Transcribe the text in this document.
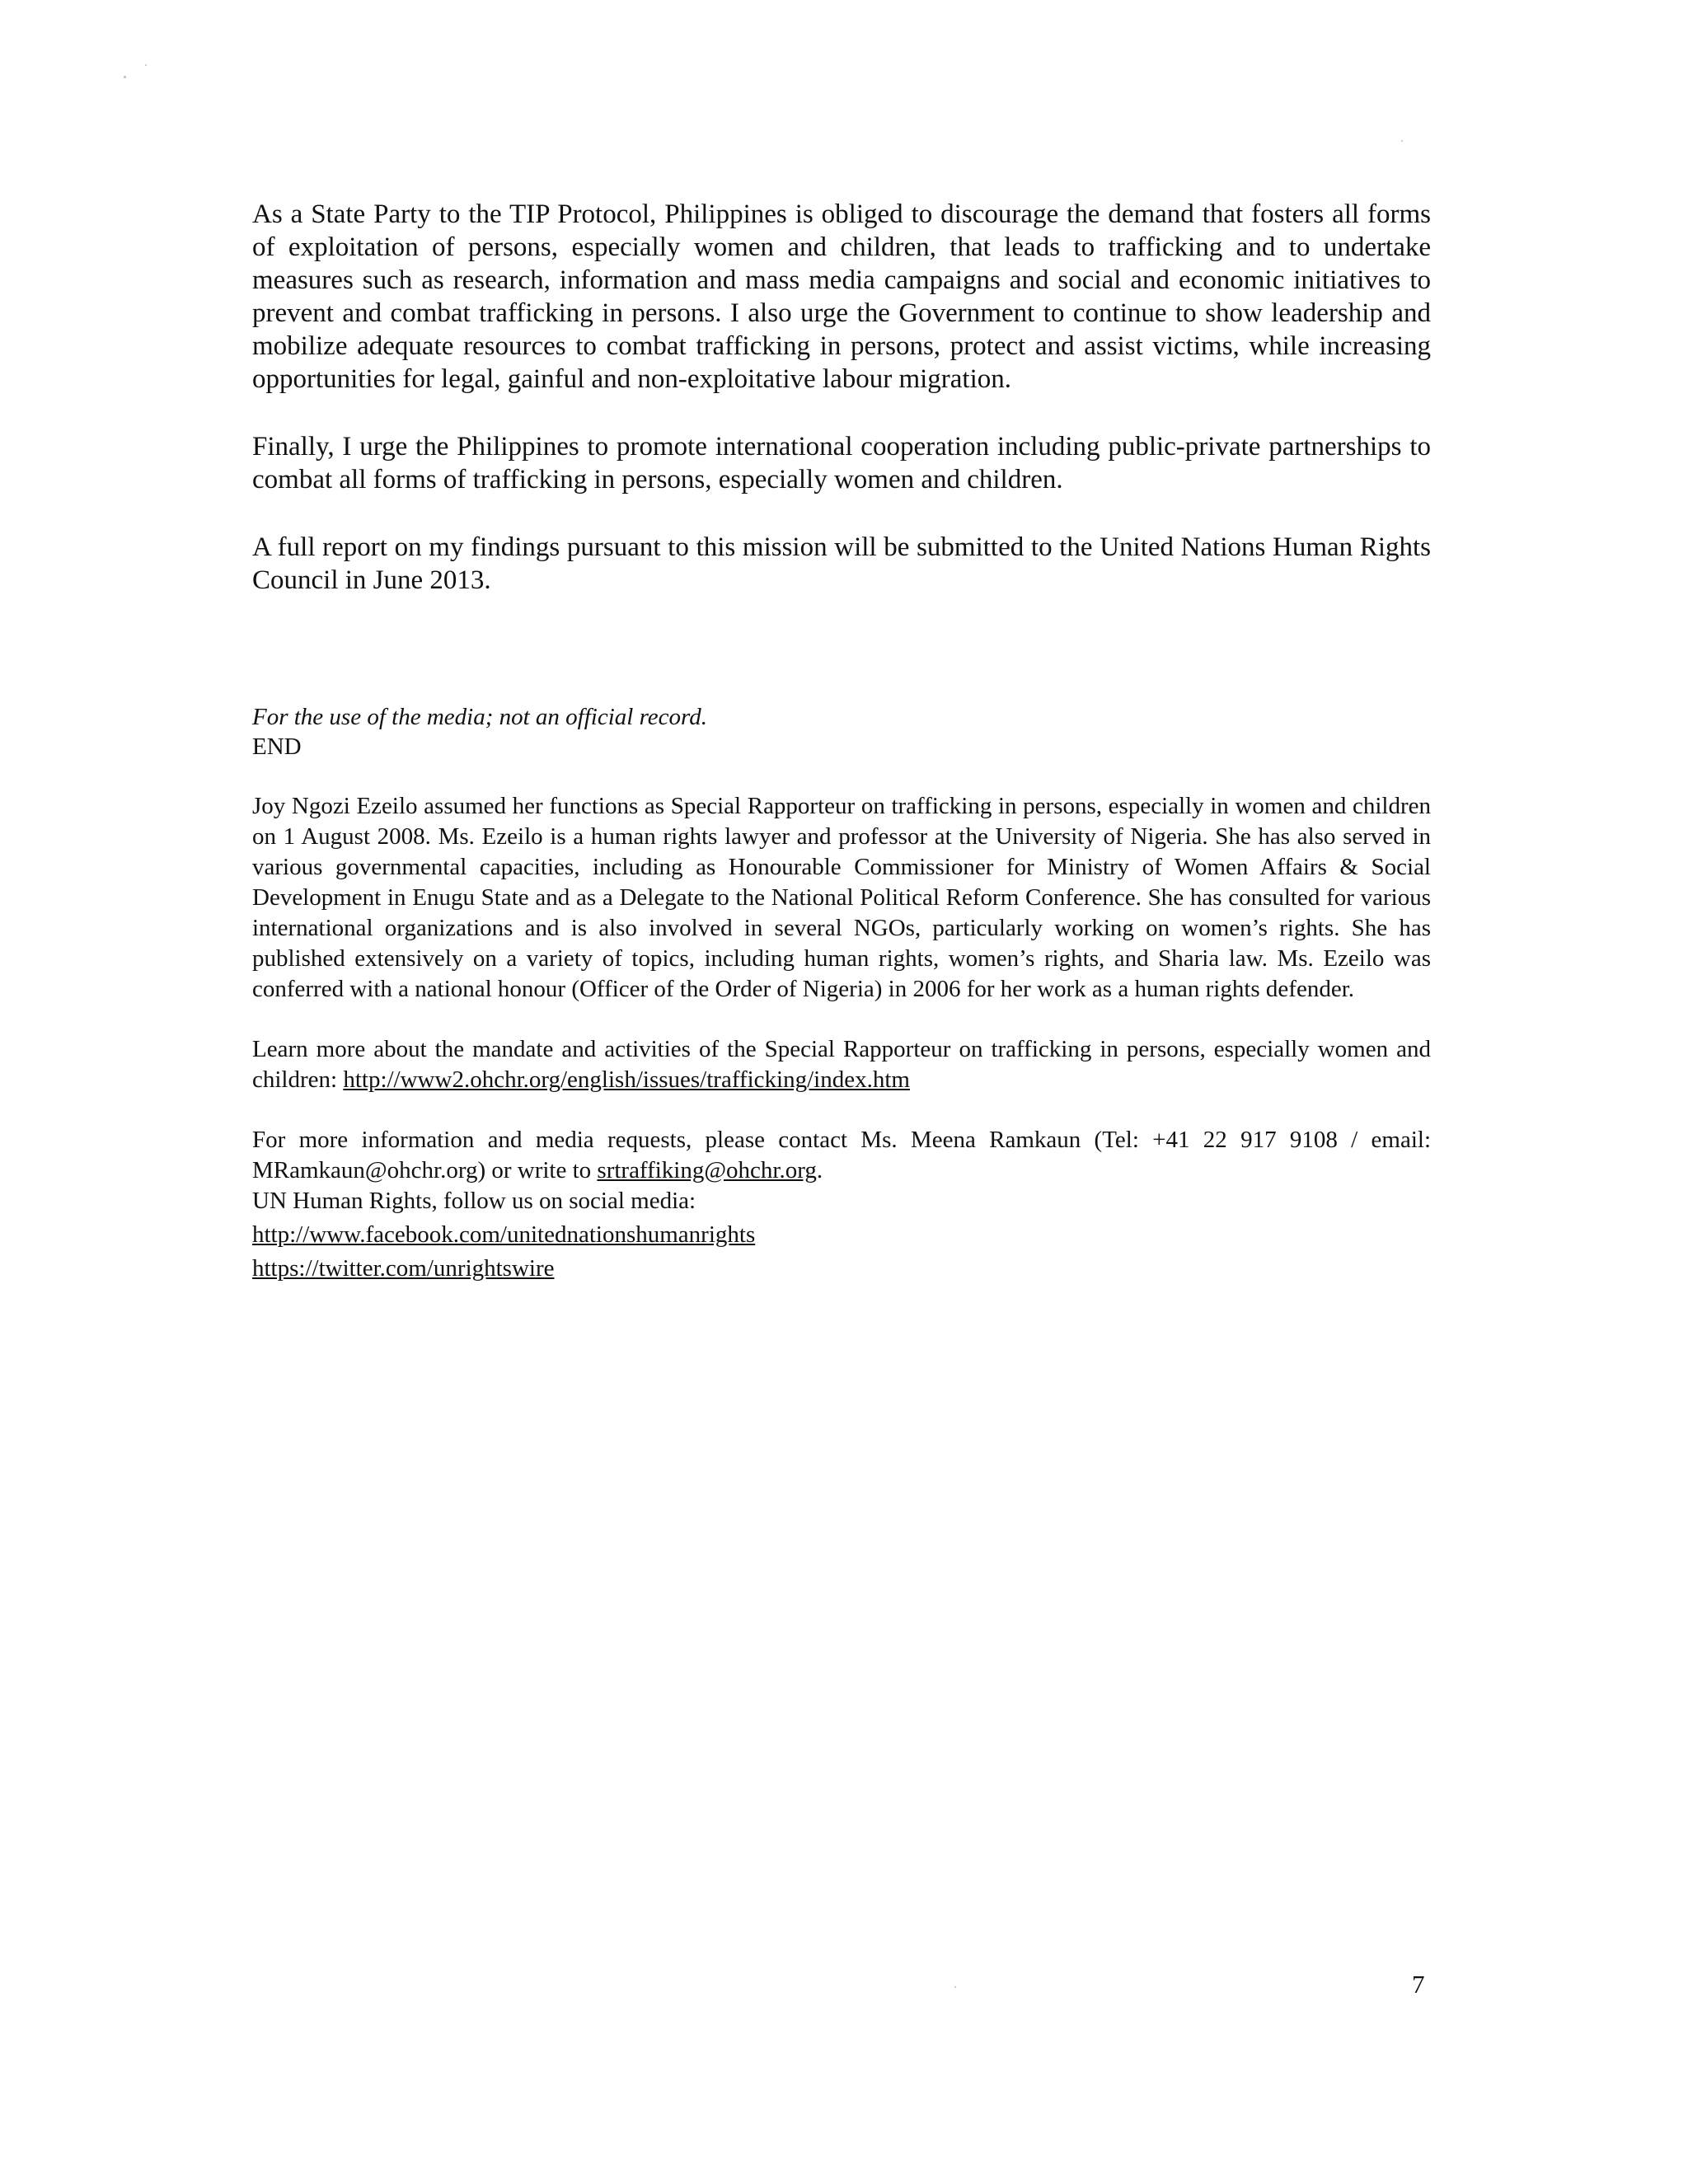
As a State Party to the TIP Protocol, Philippines is obliged to discourage the demand that fosters all forms of exploitation of persons, especially women and children, that leads to trafficking and to undertake measures such as research, information and mass media campaigns and social and economic initiatives to prevent and combat trafficking in persons. I also urge the Government to continue to show leadership and mobilize adequate resources to combat trafficking in persons, protect and assist victims, while increasing opportunities for legal, gainful and non-exploitative labour migration.

Finally, I urge the Philippines to promote international cooperation including public-private partnerships to combat all forms of trafficking in persons, especially women and children.

A full report on my findings pursuant to this mission will be submitted to the United Nations Human Rights Council in June 2013.

For the use of the media; not an official record.

END

Joy Ngozi Ezeilo assumed her functions as Special Rapporteur on trafficking in persons, especially in women and children on 1 August 2008. Ms. Ezeilo is a human rights lawyer and professor at the University of Nigeria. She has also served in various governmental capacities, including as Honourable Commissioner for Ministry of Women Affairs & Social Development in Enugu State and as a Delegate to the National Political Reform Conference. She has consulted for various international organizations and is also involved in several NGOs, particularly working on women’s rights. She has published extensively on a variety of topics, including human rights, women’s rights, and Sharia law. Ms. Ezeilo was conferred with a national honour (Officer of the Order of Nigeria) in 2006 for her work as a human rights defender.

Learn more about the mandate and activities of the Special Rapporteur on trafficking in persons, especially women and children: http://www2.ohchr.org/english/issues/trafficking/index.htm

For more information and media requests, please contact Ms. Meena Ramkaun (Tel: +41 22 917 9108 / email: MRamkaun@ohchr.org) or write to srtraffiking@ohchr.org.
UN Human Rights, follow us on social media:
http://www.facebook.com/unitednationshumanrights
https://twitter.com/unrightswire

7
